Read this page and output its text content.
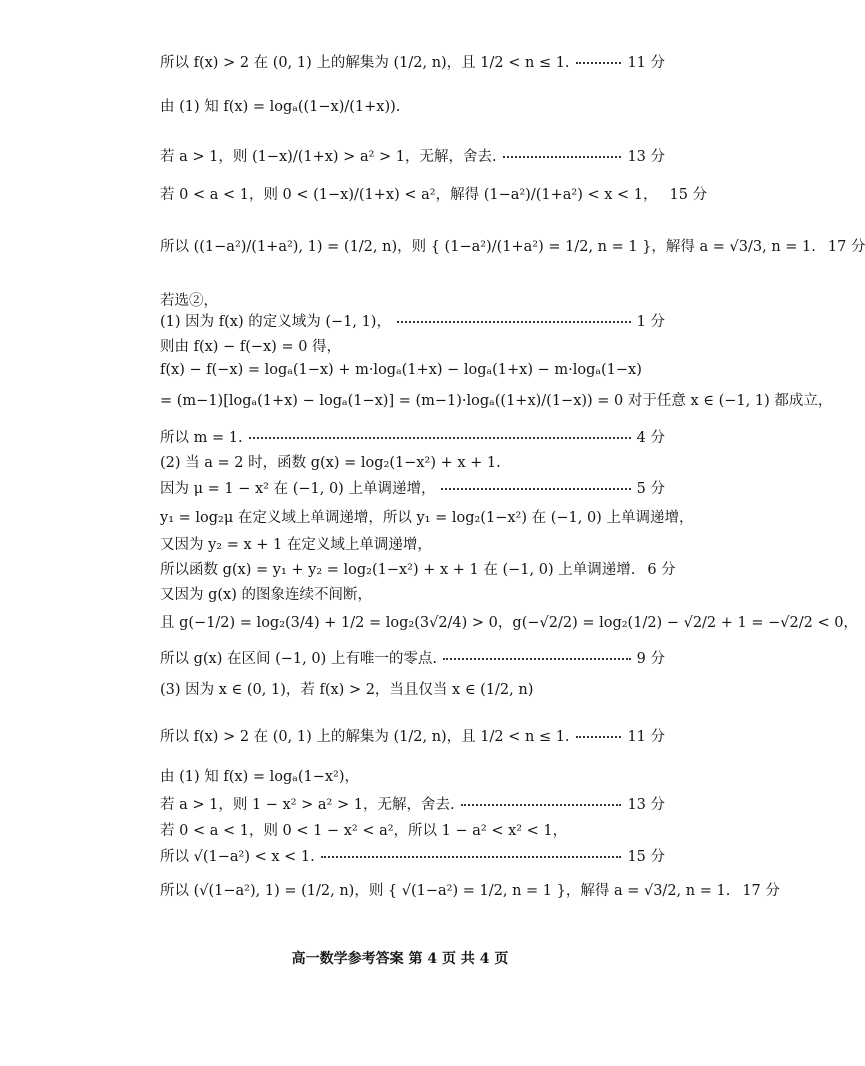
所以 f(x) > 2 在 (0, 1) 上的解集为 (1/2, n)，且 1/2 < n ≤ 1.	11 分
由 (1) 知 f(x) = logₐ((1−x)/(1+x)).
若 a > 1，则 (1−x)/(1+x) > a² > 1，无解，舍去.	13 分
若 0 < a < 1，则 0 < (1−x)/(1+x) < a²，解得 (1−a²)/(1+a²) < x < 1， 15 分
所以 ((1−a²)/(1+a²), 1) = (1/2, n)，则 { (1−a²)/(1+a²) = 1/2, n = 1 }，解得 a = √3/3, n = 1. 17 分
若选②，
(1) 因为 f(x) 的定义域为 (−1, 1)，	1 分
则由 f(x) − f(−x) = 0 得，
f(x) − f(−x) = logₐ(1−x) + m·logₐ(1+x) − logₐ(1+x) − m·logₐ(1−x)
= (m−1)[logₐ(1+x) − logₐ(1−x)] = (m−1)·logₐ((1+x)/(1−x)) = 0 对于任意 x ∈ (−1, 1) 都成立，
所以 m = 1.	4 分
(2) 当 a = 2 时，函数 g(x) = log₂(1−x²) + x + 1.
因为 μ = 1 − x² 在 (−1, 0) 上单调递增，	5 分
y₁ = log₂μ 在定义域上单调递增，所以 y₁ = log₂(1−x²) 在 (−1, 0) 上单调递增，
又因为 y₂ = x + 1 在定义域上单调递增，
所以函数 g(x) = y₁ + y₂ = log₂(1−x²) + x + 1 在 (−1, 0) 上单调递增. 6 分
又因为 g(x) 的图象连续不间断，
且 g(−1/2) = log₂(3/4) + 1/2 = log₂(3√2/4) > 0，g(−√2/2) = log₂(1/2) − √2/2 + 1 = −√2/2 < 0，
所以 g(x) 在区间 (−1, 0) 上有唯一的零点.	9 分
(3) 因为 x ∈ (0, 1)，若 f(x) > 2，当且仅当 x ∈ (1/2, n)
所以 f(x) > 2 在 (0, 1) 上的解集为 (1/2, n)，且 1/2 < n ≤ 1.	11 分
由 (1) 知 f(x) = logₐ(1−x²)，
若 a > 1，则 1 − x² > a² > 1，无解，舍去.	13 分
若 0 < a < 1，则 0 < 1 − x² < a²，所以 1 − a² < x² < 1，
所以 √(1−a²) < x < 1.	15 分
所以 (√(1−a²), 1) = (1/2, n)，则 { √(1−a²) = 1/2, n = 1 }，解得 a = √3/2, n = 1. 17 分
高一数学参考答案 第 4 页 共 4 页
